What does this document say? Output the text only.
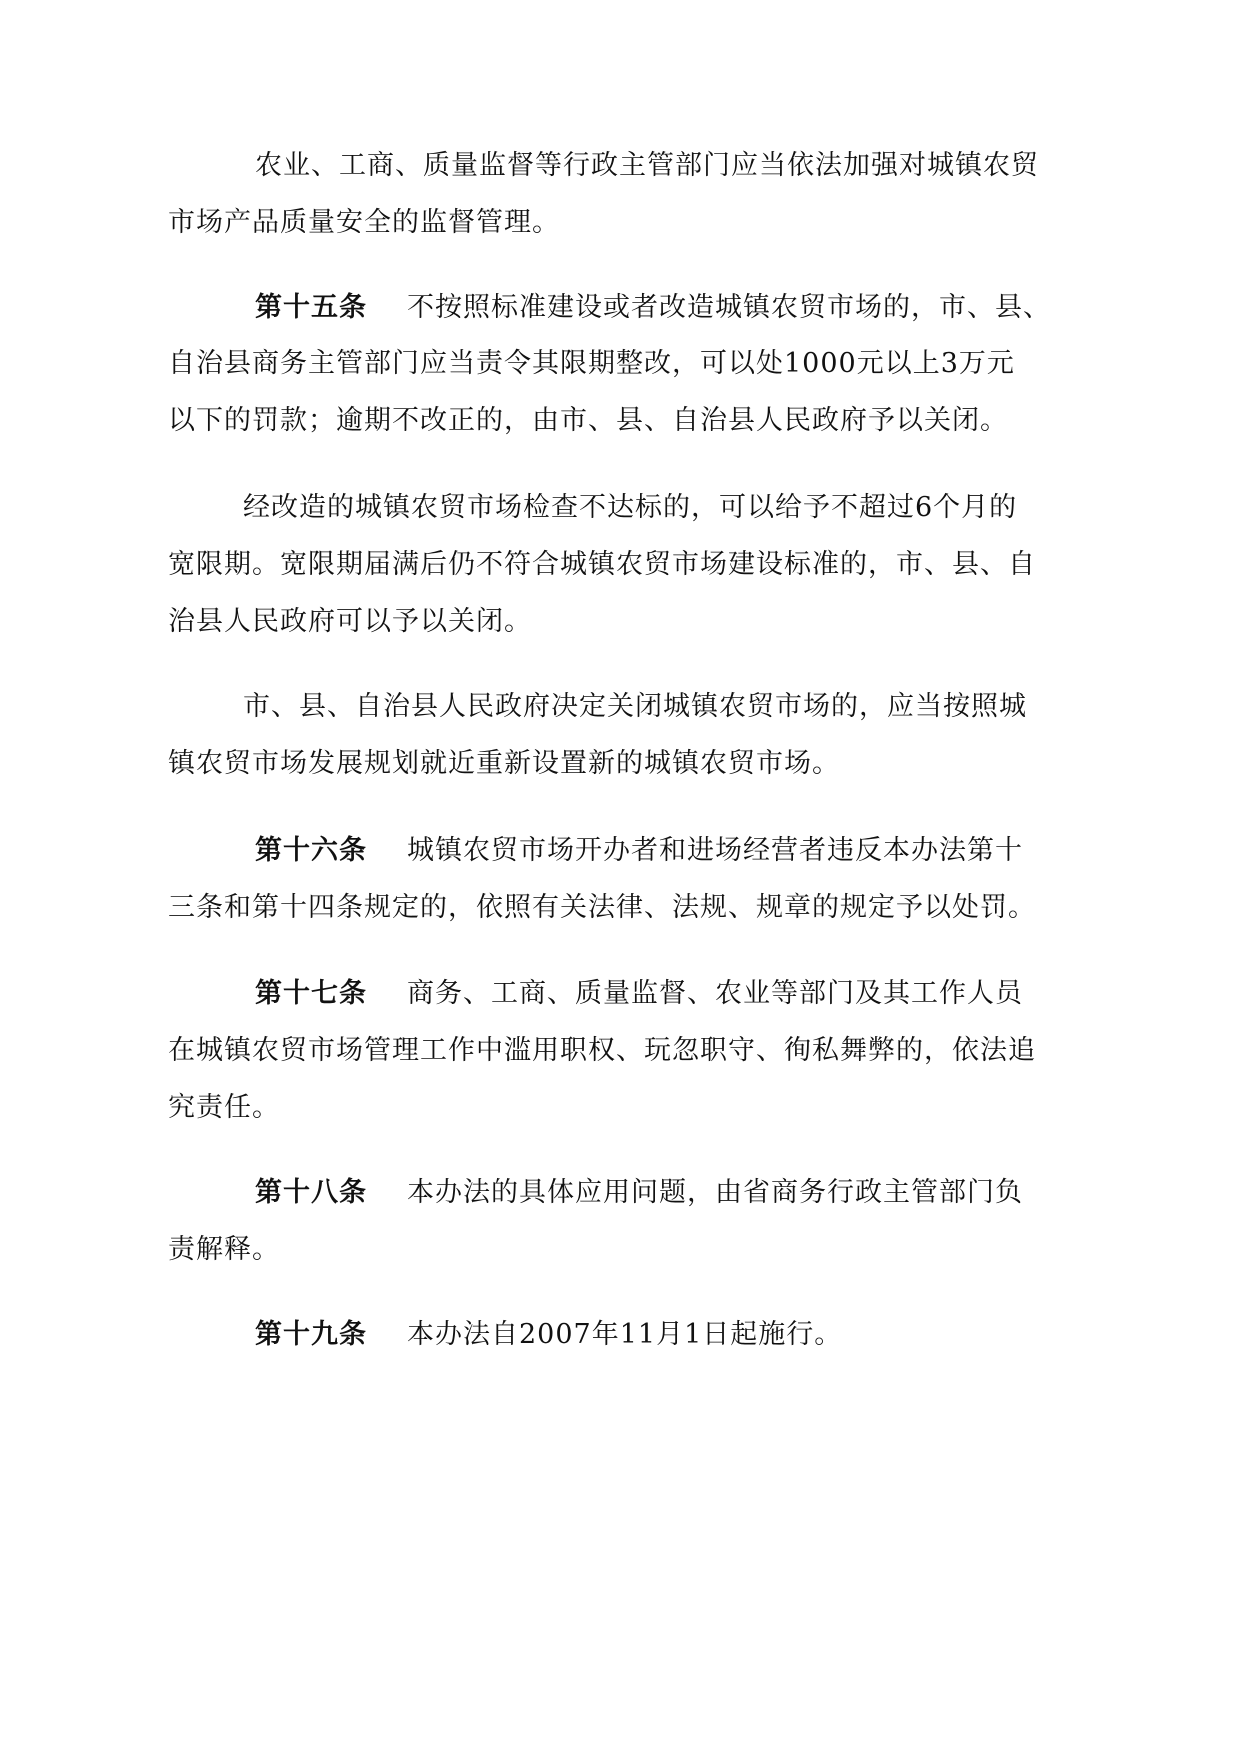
农业、工商、质量监督等行政主管部门应当依法加强对城镇农贸
市场产品质量安全的监督管理。
第十五条 不按照标准建设或者改造城镇农贸市场的，市、县、
自治县商务主管部门应当责令其限期整改，可以处1000元以上3万元
以下的罚款；逾期不改正的，由市、县、自治县人民政府予以关闭。
经改造的城镇农贸市场检查不达标的，可以给予不超过6个月的
宽限期。宽限期届满后仍不符合城镇农贸市场建设标准的，市、县、自
治县人民政府可以予以关闭。
市、县、自治县人民政府决定关闭城镇农贸市场的，应当按照城
镇农贸市场发展规划就近重新设置新的城镇农贸市场。
第十六条 城镇农贸市场开办者和进场经营者违反本办法第十
三条和第十四条规定的，依照有关法律、法规、规章的规定予以处罚。
第十七条 商务、工商、质量监督、农业等部门及其工作人员
在城镇农贸市场管理工作中滥用职权、玩忽职守、徇私舞弊的，依法追
究责任。
第十八条 本办法的具体应用问题，由省商务行政主管部门负
责解释。
第十九条 本办法自2007年11月1日起施行。
